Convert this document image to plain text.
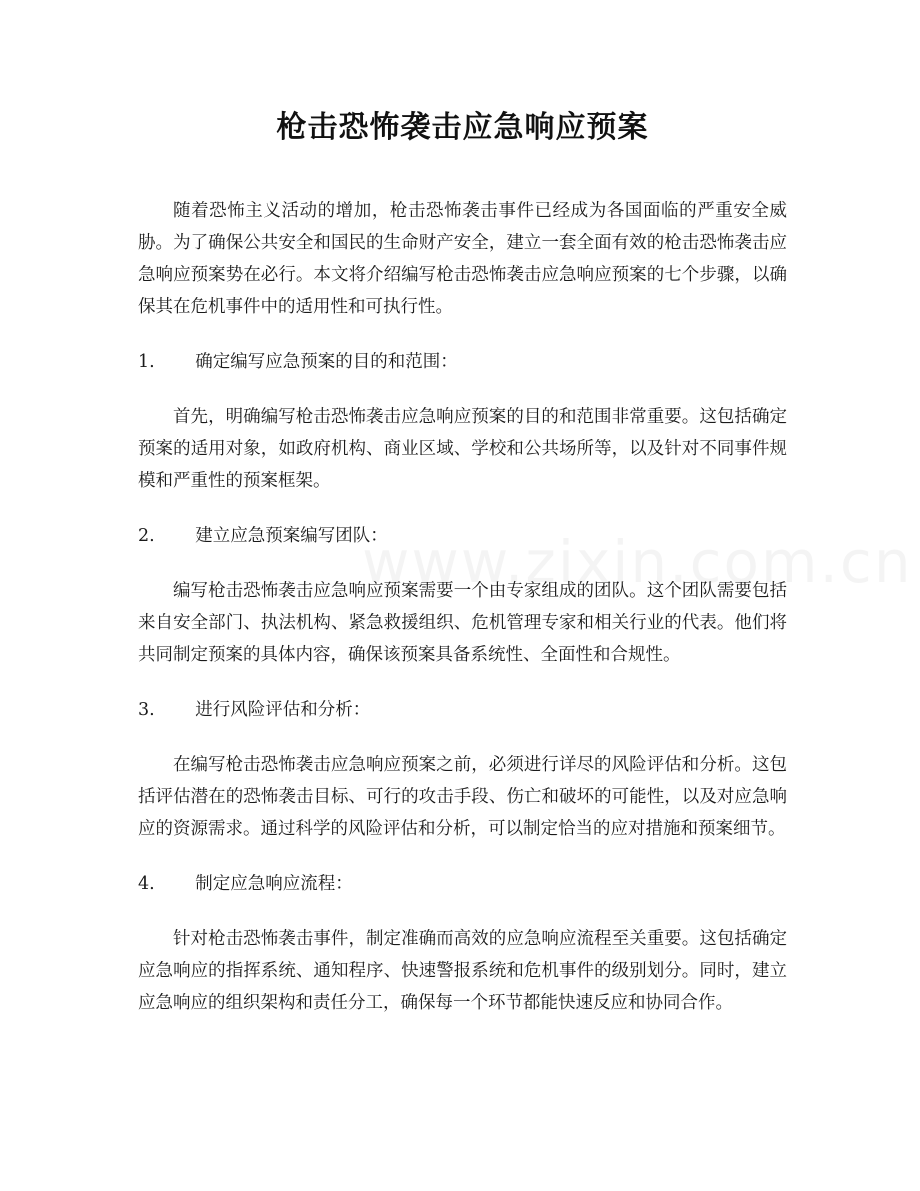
枪击恐怖袭击应急响应预案

随着恐怖主义活动的增加，枪击恐怖袭击事件已经成为各国面临的严重安全威胁。为了确保公共安全和国民的生命财产安全，建立一套全面有效的枪击恐怖袭击应急响应预案势在必行。本文将介绍编写枪击恐怖袭击应急响应预案的七个步骤，以确保其在危机事件中的适用性和可执行性。

1.
确定编写应急预案的目的和范围：

首先，明确编写枪击恐怖袭击应急响应预案的目的和范围非常重要。这包括确定预案的适用对象，如政府机构、商业区域、学校和公共场所等，以及针对不同事件规模和严重性的预案框架。

2.
建立应急预案编写团队：

编写枪击恐怖袭击应急响应预案需要一个由专家组成的团队。这个团队需要包括来自安全部门、执法机构、紧急救援组织、危机管理专家和相关行业的代表。他们将共同制定预案的具体内容，确保该预案具备系统性、全面性和合规性。

3.
进行风险评估和分析：

在编写枪击恐怖袭击应急响应预案之前，必须进行详尽的风险评估和分析。这包括评估潜在的恐怖袭击目标、可行的攻击手段、伤亡和破坏的可能性，以及对应急响应的资源需求。通过科学的风险评估和分析，可以制定恰当的应对措施和预案细节。

4.
制定应急响应流程：

针对枪击恐怖袭击事件，制定准确而高效的应急响应流程至关重要。这包括确定应急响应的指挥系统、通知程序、快速警报系统和危机事件的级别划分。同时，建立应急响应的组织架构和责任分工，确保每一个环节都能快速反应和协同合作。
